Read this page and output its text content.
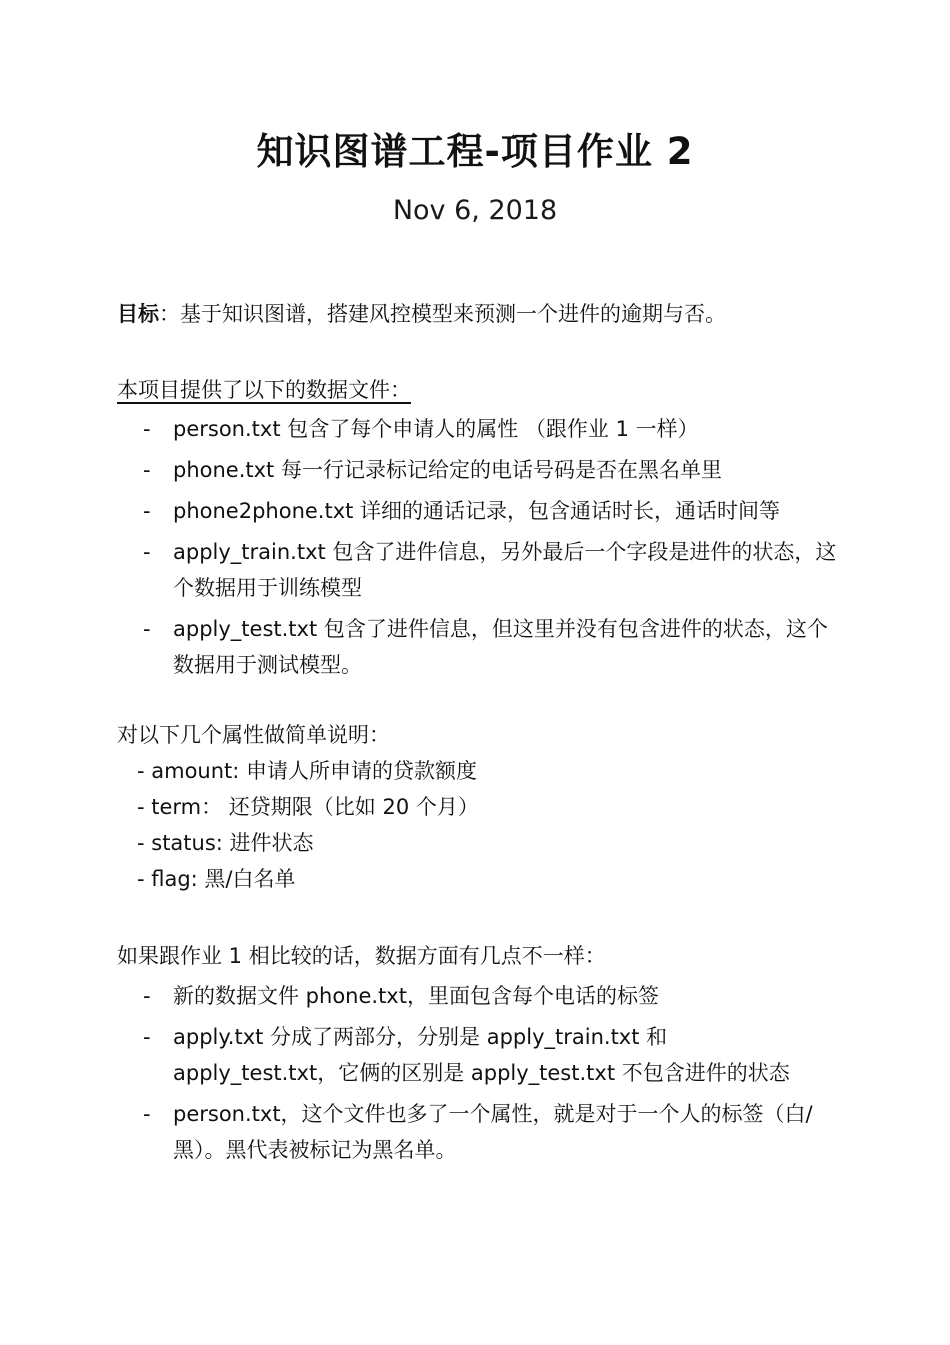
知识图谱工程-项目作业 2
Nov 6, 2018
目标：基于知识图谱，搭建风控模型来预测一个进件的逾期与否。
本项目提供了以下的数据文件：
- person.txt 包含了每个申请人的属性 （跟作业 1 一样）
- phone.txt 每一行记录标记给定的电话号码是否在黑名单里
- phone2phone.txt 详细的通话记录，包含通话时长，通话时间等
- apply_train.txt 包含了进件信息，另外最后一个字段是进件的状态，这个数据用于训练模型
- apply_test.txt 包含了进件信息，但这里并没有包含进件的状态，这个数据用于测试模型。
对以下几个属性做简单说明：
- amount: 申请人所申请的贷款额度
- term： 还贷期限（比如 20 个月）
- status: 进件状态
- flag: 黑/白名单
如果跟作业 1 相比较的话，数据方面有几点不一样：
- 新的数据文件 phone.txt，里面包含每个电话的标签
- apply.txt 分成了两部分，分别是 apply_train.txt 和 apply_test.txt，它俩的区别是 apply_test.txt 不包含进件的状态
- person.txt，这个文件也多了一个属性，就是对于一个人的标签（白/黑）。黑代表被标记为黑名单。
